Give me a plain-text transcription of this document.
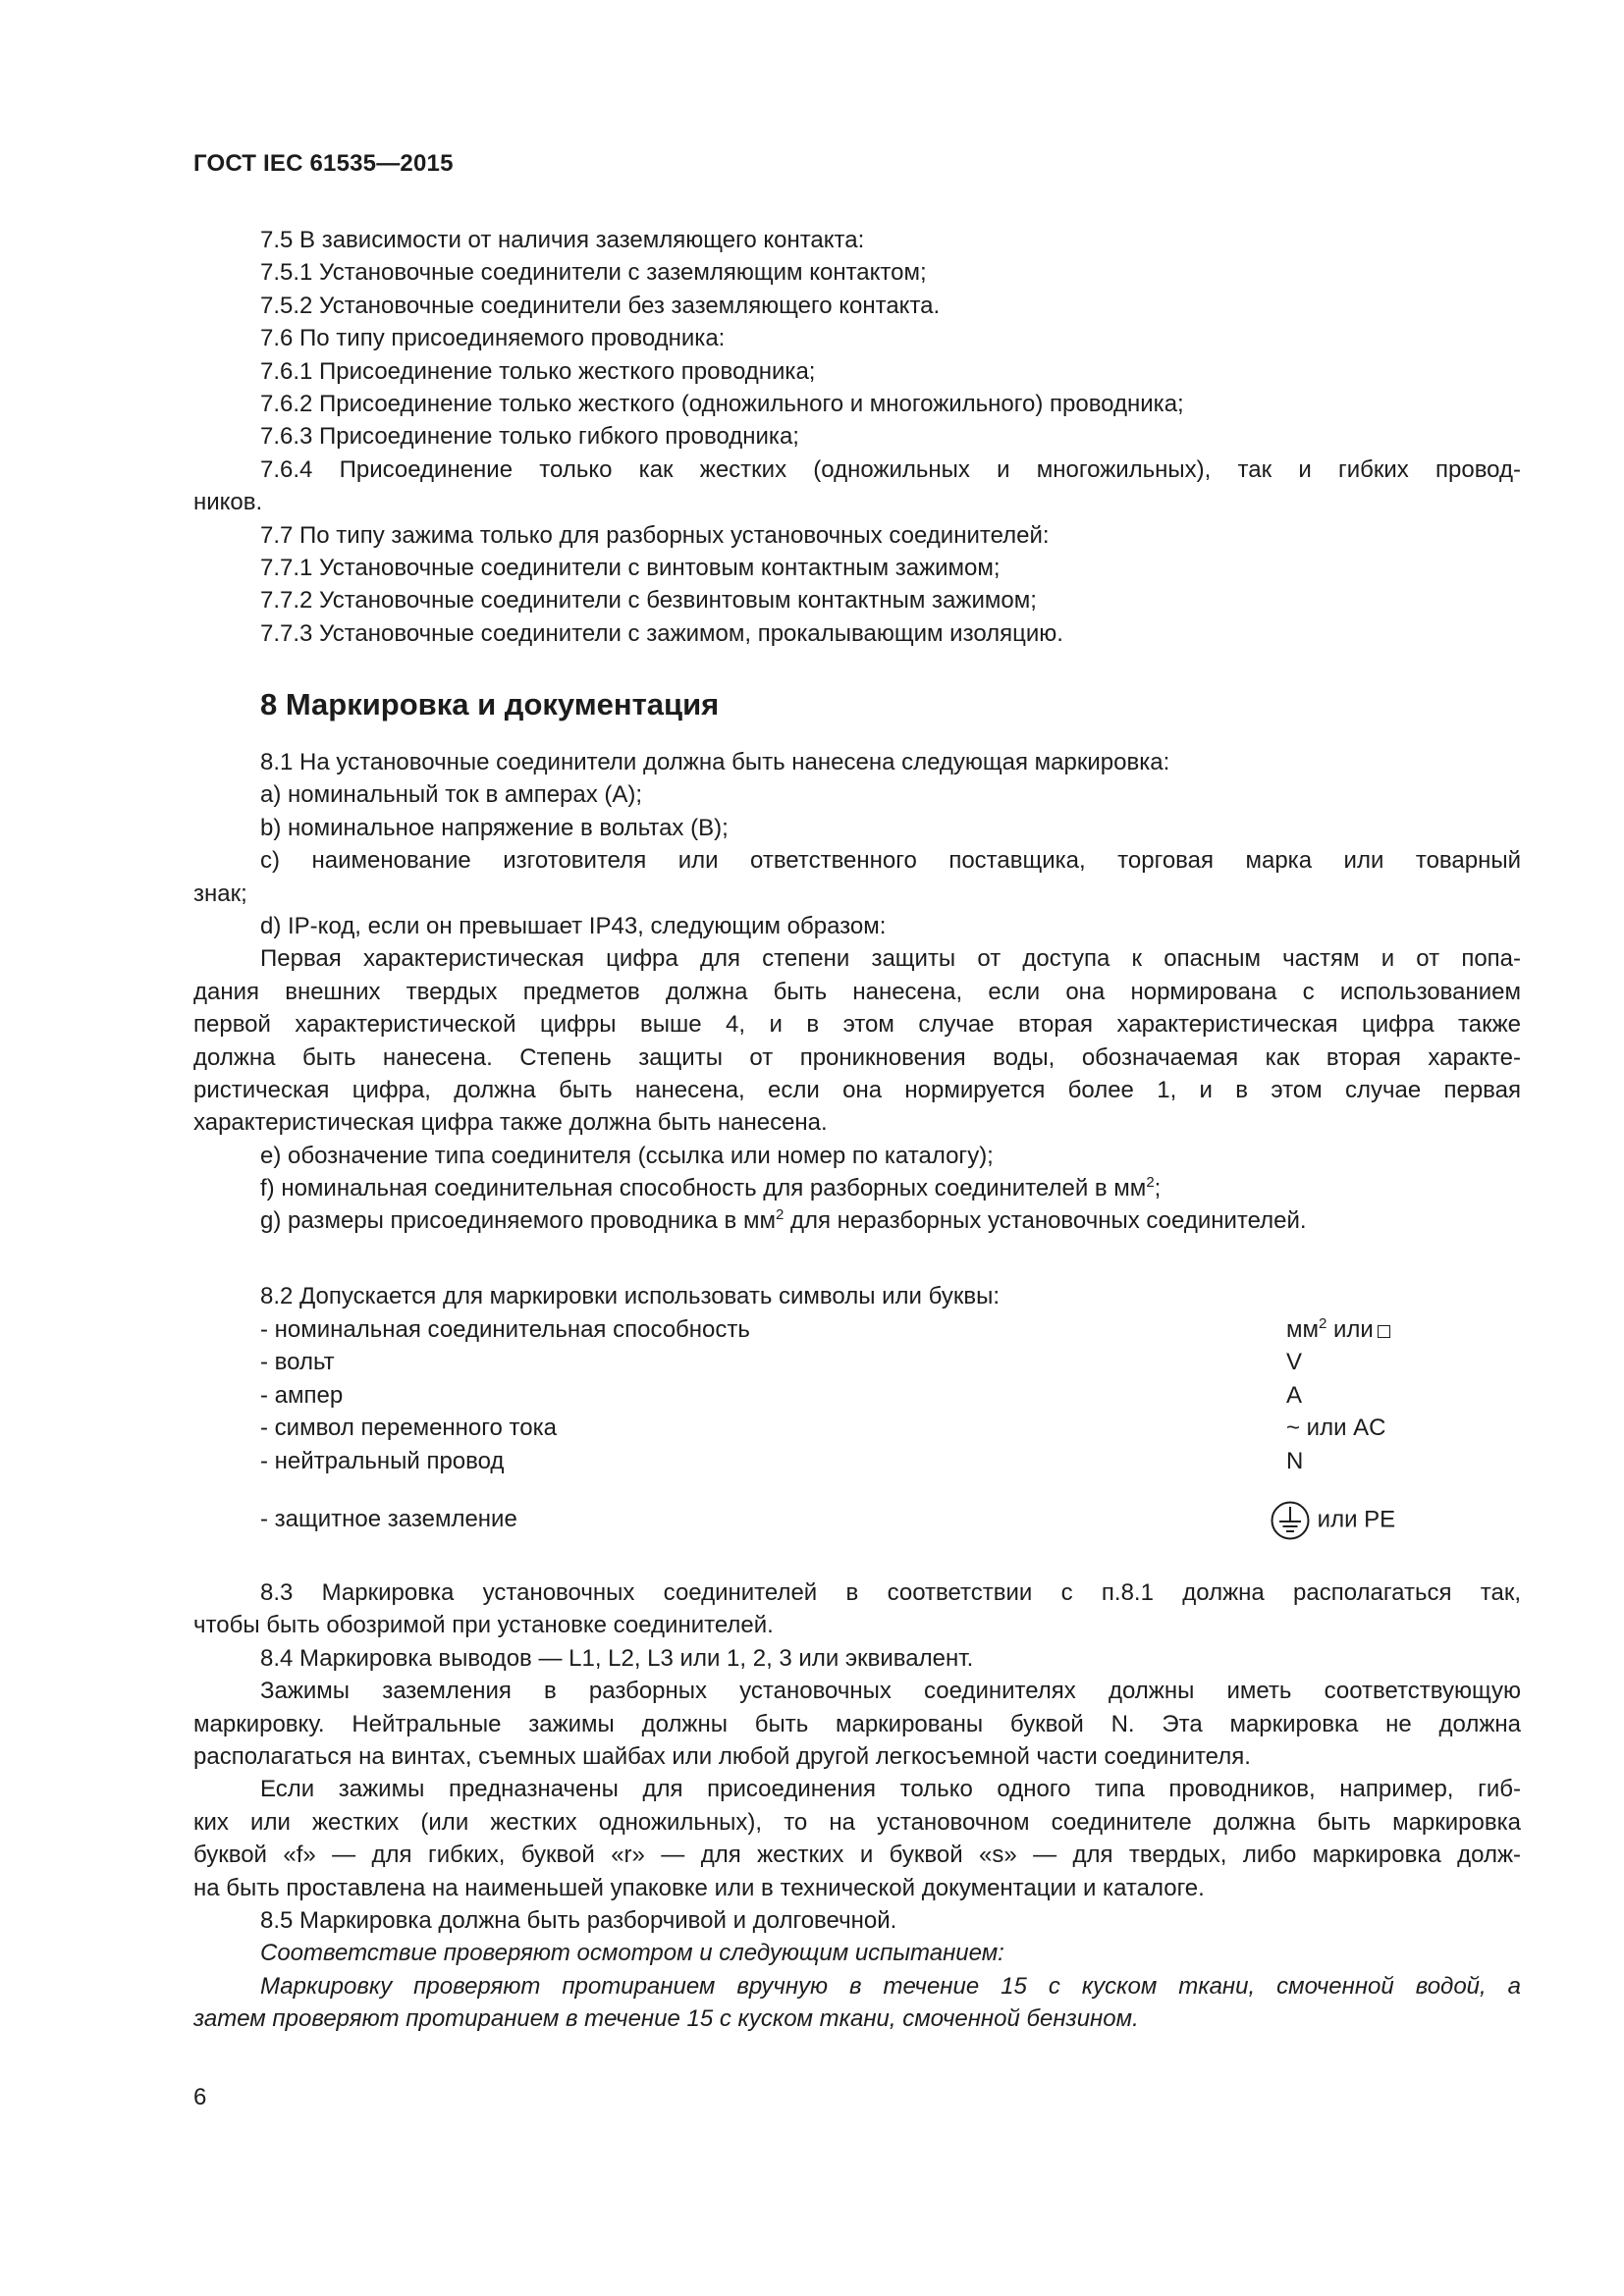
ГОСТ IEC 61535—2015
7.5 В зависимости от наличия заземляющего контакта:
7.5.1 Установочные соединители с заземляющим контактом;
7.5.2 Установочные соединители без заземляющего контакта.
7.6 По типу присоединяемого проводника:
7.6.1 Присоединение только жесткого проводника;
7.6.2 Присоединение только жесткого (одножильного и многожильного) проводника;
7.6.3 Присоединение только гибкого проводника;
7.6.4 Присоединение только как жестких (одножильных и многожильных), так и гибких провод-
ников.
7.7 По типу зажима только для разборных установочных соединителей:
7.7.1 Установочные соединители с винтовым контактным зажимом;
7.7.2 Установочные соединители с безвинтовым контактным зажимом;
7.7.3 Установочные соединители с зажимом, прокалывающим изоляцию.
8 Маркировка и документация
8.1 На установочные соединители должна быть нанесена следующая маркировка:
a) номинальный ток в амперах (А);
b) номинальное напряжение в вольтах (В);
c) наименование изготовителя или ответственного поставщика, торговая марка или товарный
знак;
d) IP-код, если он превышает IP43, следующим образом:
Первая характеристическая цифра для степени защиты от доступа к опасным частям и от попа-
дания внешних твердых предметов должна быть нанесена, если она нормирована с использованием
первой характеристической цифры выше 4, и в этом случае вторая характеристическая цифра также
должна быть нанесена. Степень защиты от проникновения воды, обозначаемая как вторая характе-
ристическая цифра, должна быть нанесена, если она нормируется более 1, и в этом случае первая
характеристическая цифра также должна быть нанесена.
e) обозначение типа соединителя (ссылка или номер по каталогу);
f) номинальная соединительная способность для разборных соединителей в $мм^2$;
g) размеры присоединяемого проводника в $мм^2$ для неразборных установочных соединителей.
8.2 Допускается для маркировки использовать символы или буквы:
- номинальная соединительная способность	$мм^2$ или
- вольт	V
- ампер	A
- символ переменного тока	~ или AC
- нейтральный провод	N
- защитное заземление	или PE
8.3 Маркировка установочных соединителей в соответствии с п.8.1 должна располагаться так,
чтобы быть обозримой при установке соединителей.
8.4 Маркировка выводов — L1, L2, L3 или 1, 2, 3 или эквивалент.
Зажимы заземления в разборных установочных соединителях должны иметь соответствующую
маркировку. Нейтральные зажимы должны быть маркированы буквой N. Эта маркировка не должна
располагаться на винтах, съемных шайбах или любой другой легкосъемной части соединителя.
Если зажимы предназначены для присоединения только одного типа проводников, например, гиб-
ких или жестких (или жестких одножильных), то на установочном соединителе должна быть маркировка
буквой «f» — для гибких, буквой «r» — для жестких и буквой «s» — для твердых, либо маркировка долж-
на быть проставлена на наименьшей упаковке или в технической документации и каталоге.
8.5 Маркировка должна быть разборчивой и долговечной.
Соответствие проверяют осмотром и следующим испытанием:
Маркировку проверяют протиранием вручную в течение 15 с куском ткани, смоченной водой, а
затем проверяют протиранием в течение 15 с куском ткани, смоченной бензином.
6
